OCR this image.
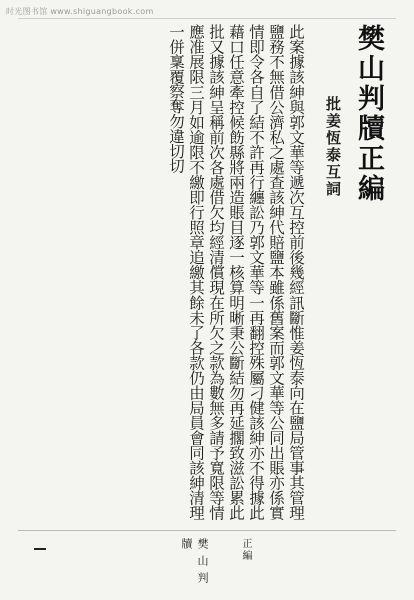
时光图书馆 www.shiguangbook.com
樊山判牘正編
批姜恆泰互詞
此案據該紳與郭文華等遞次互控前後幾經訊斷惟姜恆泰向在鹽局管事其管理鹽務不無借公濟私之處查該紳代賠鹽本雖係舊案而郭文華等公同出賬亦係實情即令各自了結不許再行纏訟乃郭文華等一再翻控殊屬刁健該紳亦不得據此藉口任意牽控候飭縣將兩造賬目逐一核算明晰秉公斷結勿再延擱致滋訟累此批又據該紳呈稱前次各處借欠均經清償現在所欠之款為數無多請予寬限等情應准展限三月如逾限不繳即行照章追繳其餘未了各款仍由局員會同該紳清理一併稟覆察奪勿違切切
樊山判牘	正編
